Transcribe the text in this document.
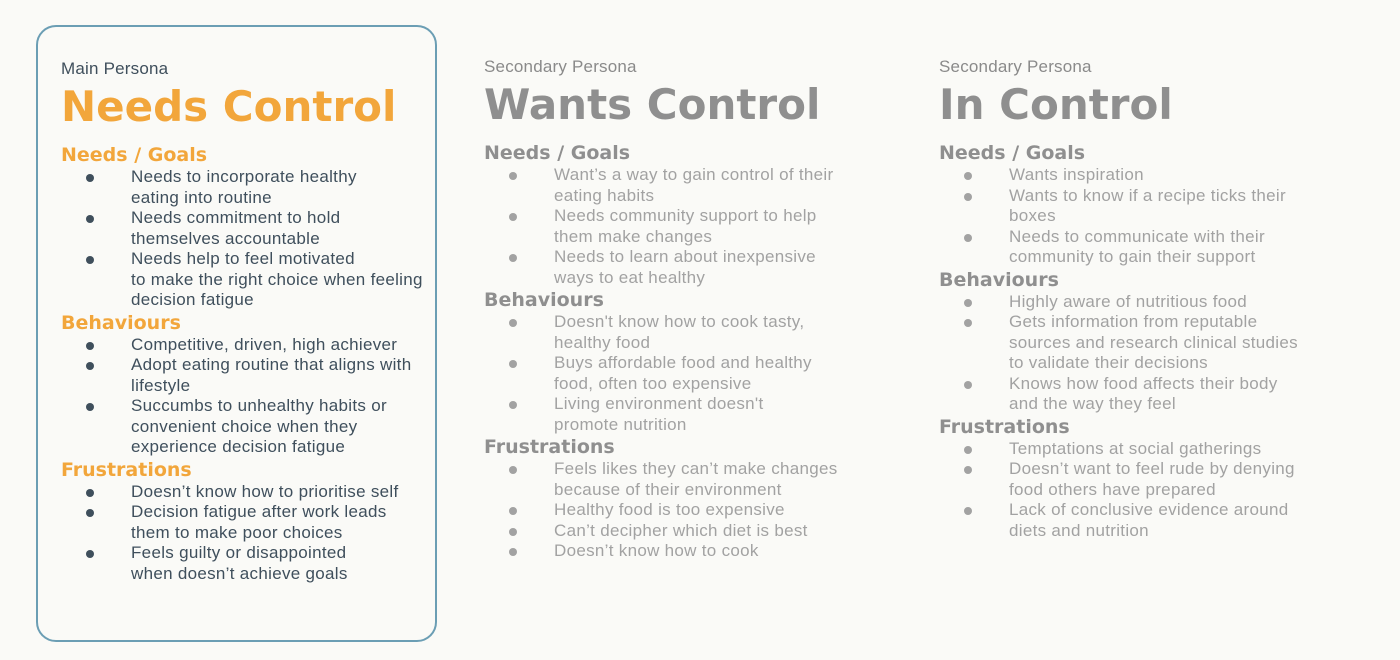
Main Persona
Needs Control
Needs / Goals
Needs to incorporate healthy
eating into routine
Needs commitment to hold
themselves accountable
Needs help to feel motivated
to make the right choice when feeling
decision fatigue
Behaviours
Competitive, driven, high achiever
Adopt eating routine that aligns with
lifestyle
Succumbs to unhealthy habits or
convenient choice when they
experience decision fatigue
Frustrations
Doesn’t know how to prioritise self
Decision fatigue after work leads
them to make poor choices
Feels guilty or disappointed
when doesn’t achieve goals
Secondary Persona
Wants Control
Needs / Goals
Want’s a way to gain control of their
eating habits
Needs community support to help
them make changes
Needs to learn about inexpensive
ways to eat healthy
Behaviours
Doesn't know how to cook tasty,
healthy food
Buys affordable food and healthy
food, often too expensive
Living environment doesn't
promote nutrition
Frustrations
Feels likes they can’t make changes
because of their environment
Healthy food is too expensive
Can’t decipher which diet is best
Doesn’t know how to cook
Secondary Persona
In Control
Needs / Goals
Wants inspiration
Wants to know if a recipe ticks their
boxes
Needs to communicate with their
community to gain their support
Behaviours
Highly aware of nutritious food
Gets information from reputable
sources and research clinical studies
to validate their decisions
Knows how food affects their body
and the way they feel
Frustrations
Temptations at social gatherings
Doesn’t want to feel rude by denying
food others have prepared
Lack of conclusive evidence around
diets and nutrition
